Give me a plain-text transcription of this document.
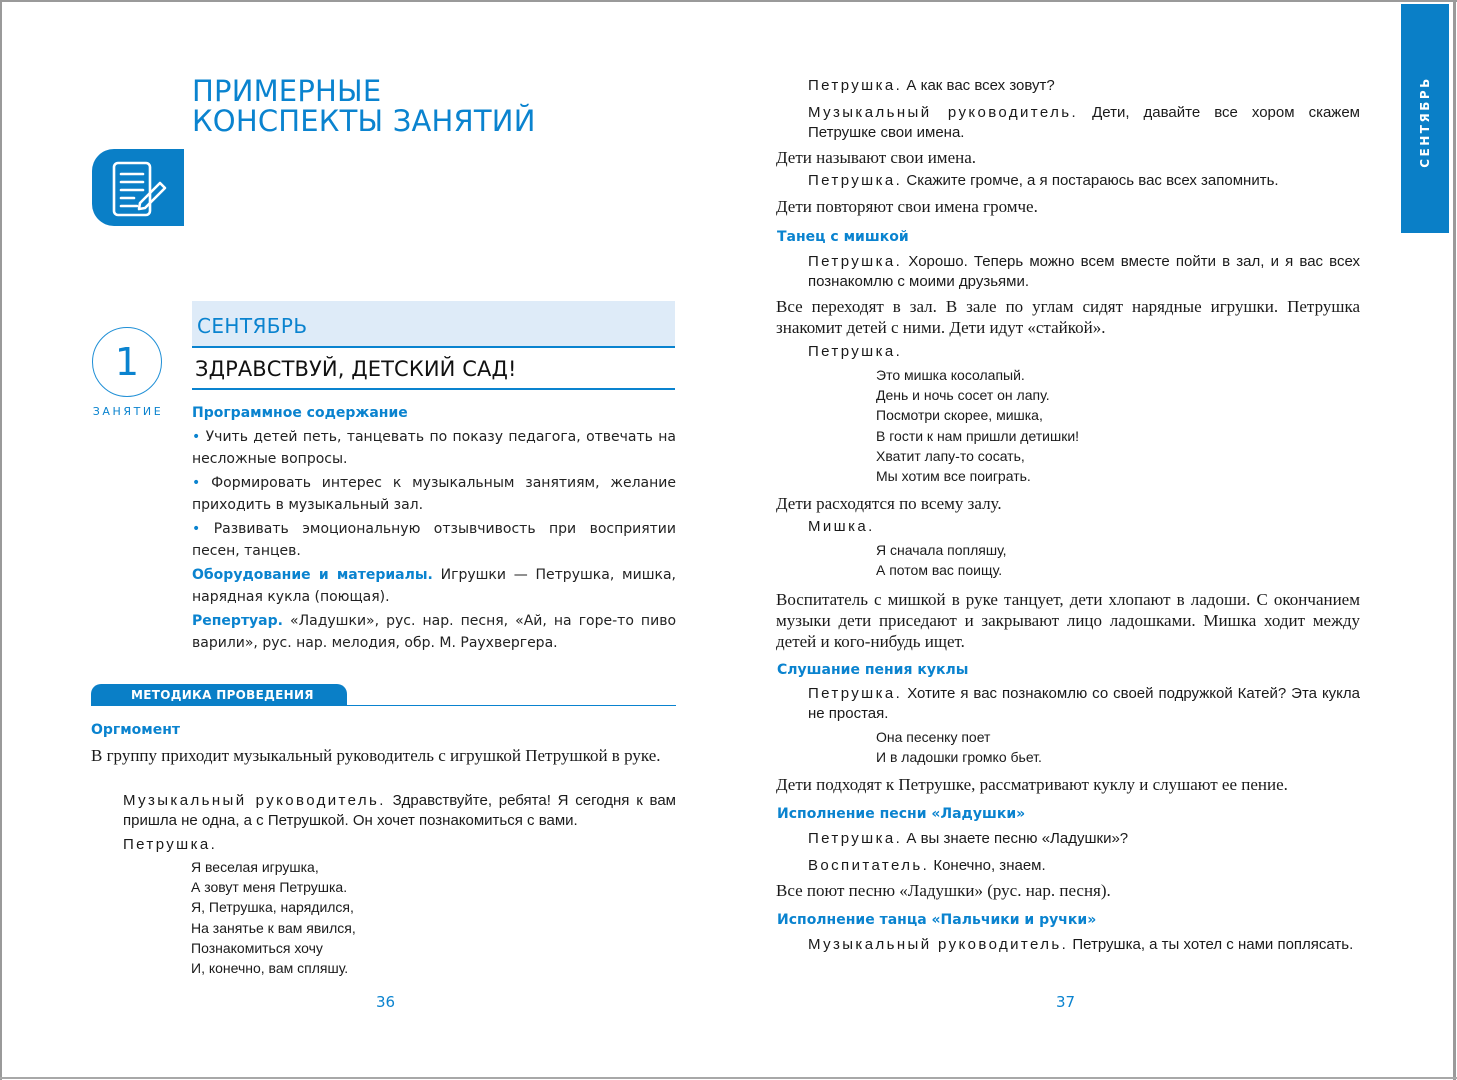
ПРИМЕРНЫЕ
КОНСПЕКТЫ ЗАНЯТИЙ
1
ЗАНЯТИЕ
СЕНТЯБРЬ
ЗДРАВСТВУЙ, ДЕТСКИЙ САД!

Программное содержание

• Учить детей петь, танцевать по показу педагога, отвечать на несложные вопросы.

• Формировать интерес к музыкальным занятиям, желание приходить в музыкальный зал.

• Развивать эмоциональную отзывчивость при восприятии песен, танцев.

Оборудование и материалы. Игрушки — Петрушка, мишка, нарядная кукла (поющая).

Репертуар. «Ладушки», рус. нар. песня, «Ай, на горе-то пиво варили», рус. нар. мелодия, обр. М. Раухвергера.

МЕТОДИКА ПРОВЕДЕНИЯ
Оргмомент
В группу приходит музыкальный руководитель с игрушкой Петрушкой в руке.
Музыкальный руководитель. Здравствуйте, ребята! Я сегодня к вам пришла не одна, а с Петрушкой. Он хочет познакомиться с вами.
Петрушка.
Я веселая игрушка,
А зовут меня Петрушка.
Я, Петрушка, нарядился,
На занятье к вам явился,
Познакомиться хочу
И, конечно, вам спляшу.
36
СЕНТЯБРЬ
Петрушка. А как вас всех зовут?
Музыкальный руководитель. Дети, давайте все хором скажем Петрушке свои имена.
Дети называют свои имена.
Петрушка. Скажите громче, а я постараюсь вас всех запомнить.
Дети повторяют свои имена громче.
Танец с мишкой
Петрушка. Хорошо. Теперь можно всем вместе пойти в зал, и я вас всех познакомлю с моими друзьями.
Все переходят в зал. В зале по углам сидят нарядные игрушки. Петрушка знакомит детей с ними. Дети идут «стайкой».
Петрушка.
Это мишка косолапый.
День и ночь сосет он лапу.
Посмотри скорее, мишка,
В гости к нам пришли детишки!
Хватит лапу-то сосать,
Мы хотим все поиграть.
Дети расходятся по всему залу.
Мишка.
Я сначала попляшу,
А потом вас поищу.
Воспитатель с мишкой в руке танцует, дети хлопают в ладоши. С окончанием музыки дети приседают и закрывают лицо ладошками. Мишка ходит между детей и кого-нибудь ищет.
Слушание пения куклы
Петрушка. Хотите я вас познакомлю со своей подружкой Катей? Эта кукла не простая.
Она песенку поет
И в ладошки громко бьет.
Дети подходят к Петрушке, рассматривают куклу и слушают ее пение.
Исполнение песни «Ладушки»
Петрушка. А вы знаете песню «Ладушки»?
Воспитатель. Конечно, знаем.
Все поют песню «Ладушки» (рус. нар. песня).
Исполнение танца «Пальчики и ручки»
Музыкальный руководитель. Петрушка, а ты хотел с нами поплясать.
37
